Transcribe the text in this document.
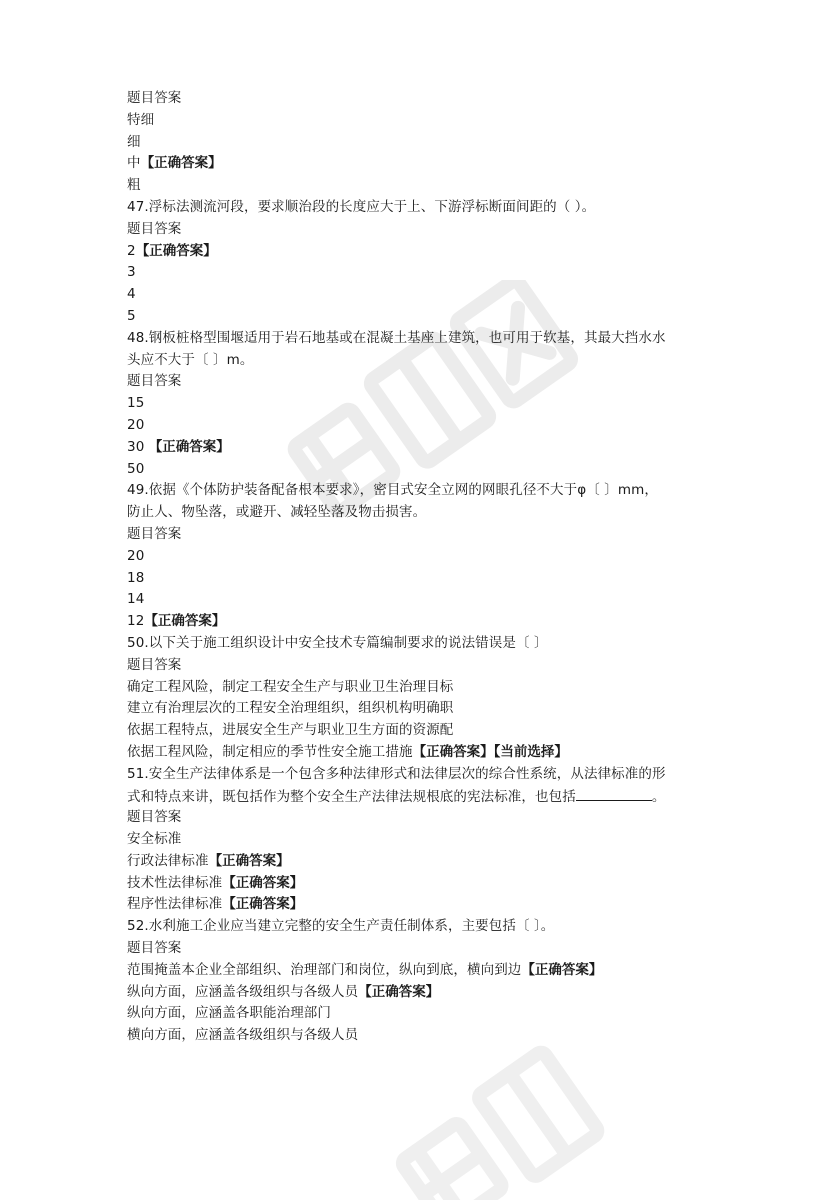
题目答案
特细
细
中【正确答案】
粗
47.浮标法测流河段，要求顺治段的长度应大于上、下游浮标断面间距的（ ）。
题目答案
2【正确答案】
3
4
5
48.钢板桩格型围堰适用于岩石地基或在混凝土基座上建筑，也可用于软基，其最大挡水水
头应不大于〔 〕m。
题目答案
15
20
30 【正确答案】
50
49.依据《个体防护装备配备根本要求》，密目式安全立网的网眼孔径不大于φ〔 〕mm，
防止人、物坠落，或避开、减轻坠落及物击损害。
题目答案
20
18
14
12【正确答案】
50.以下关于施工组织设计中安全技术专篇编制要求的说法错误是〔 〕
题目答案
确定工程风险，制定工程安全生产与职业卫生治理目标
建立有治理层次的工程安全治理组织，组织机构明确职
依据工程特点，进展安全生产与职业卫生方面的资源配
依据工程风险，制定相应的季节性安全施工措施【正确答案】【当前选择】
51.安全生产法律体系是一个包含多种法律形式和法律层次的综合性系统，从法律标准的形
式和特点来讲，既包括作为整个安全生产法律法规根底的宪法标准，也包括	。
题目答案
安全标准
行政法律标准【正确答案】
技术性法律标准【正确答案】
程序性法律标准【正确答案】
52.水利施工企业应当建立完整的安全生产责任制体系，主要包括〔 〕。
题目答案
范围掩盖本企业全部组织、治理部门和岗位，纵向到底，横向到边【正确答案】
纵向方面，应涵盖各级组织与各级人员【正确答案】
纵向方面，应涵盖各职能治理部门
横向方面，应涵盖各级组织与各级人员
